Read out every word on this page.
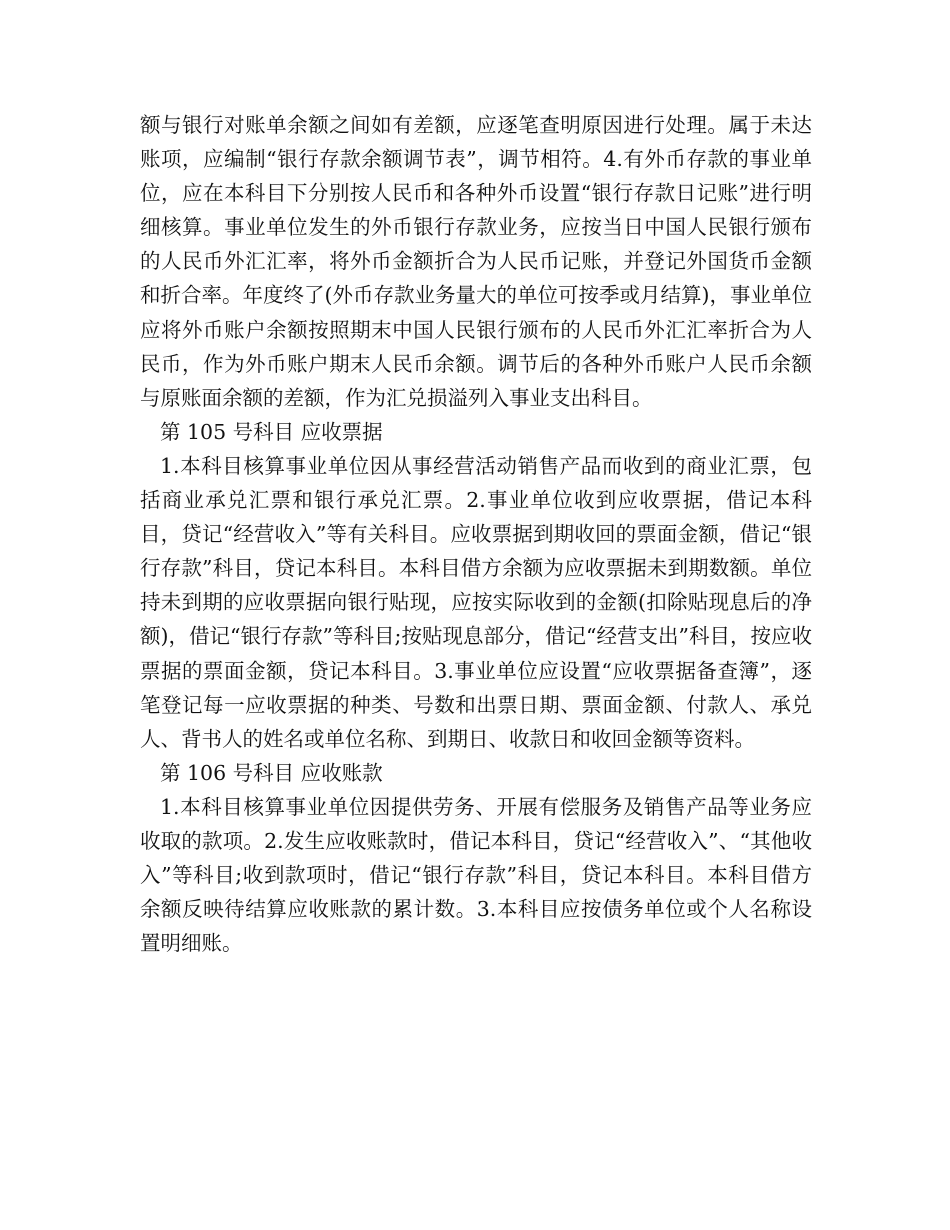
额与银行对账单余额之间如有差额，应逐笔查明原因进行处理。属于未达账项，应编制“银行存款余额调节表”，调节相符。4.有外币存款的事业单位，应在本科目下分别按人民币和各种外币设置“银行存款日记账”进行明细核算。事业单位发生的外币银行存款业务，应按当日中国人民银行颁布的人民币外汇汇率，将外币金额折合为人民币记账，并登记外国货币金额和折合率。年度终了(外币存款业务量大的单位可按季或月结算)，事业单位应将外币账户余额按照期末中国人民银行颁布的人民币外汇汇率折合为人民币，作为外币账户期末人民币余额。调节后的各种外币账户人民币余额与原账面余额的差额，作为汇兑损溢列入事业支出科目。

第 105 号科目 应收票据

1.本科目核算事业单位因从事经营活动销售产品而收到的商业汇票，包括商业承兑汇票和银行承兑汇票。2.事业单位收到应收票据，借记本科目，贷记“经营收入”等有关科目。应收票据到期收回的票面金额，借记“银行存款”科目，贷记本科目。本科目借方余额为应收票据未到期数额。单位持未到期的应收票据向银行贴现，应按实际收到的金额(扣除贴现息后的净额)，借记“银行存款”等科目;按贴现息部分，借记“经营支出”科目，按应收票据的票面金额，贷记本科目。3.事业单位应设置“应收票据备查簿”，逐笔登记每一应收票据的种类、号数和出票日期、票面金额、付款人、承兑人、背书人的姓名或单位名称、到期日、收款日和收回金额等资料。

第 106 号科目 应收账款

1.本科目核算事业单位因提供劳务、开展有偿服务及销售产品等业务应收取的款项。2.发生应收账款时，借记本科目，贷记“经营收入”、“其他收入”等科目;收到款项时，借记“银行存款”科目，贷记本科目。本科目借方余额反映待结算应收账款的累计数。3.本科目应按债务单位或个人名称设置明细账。
